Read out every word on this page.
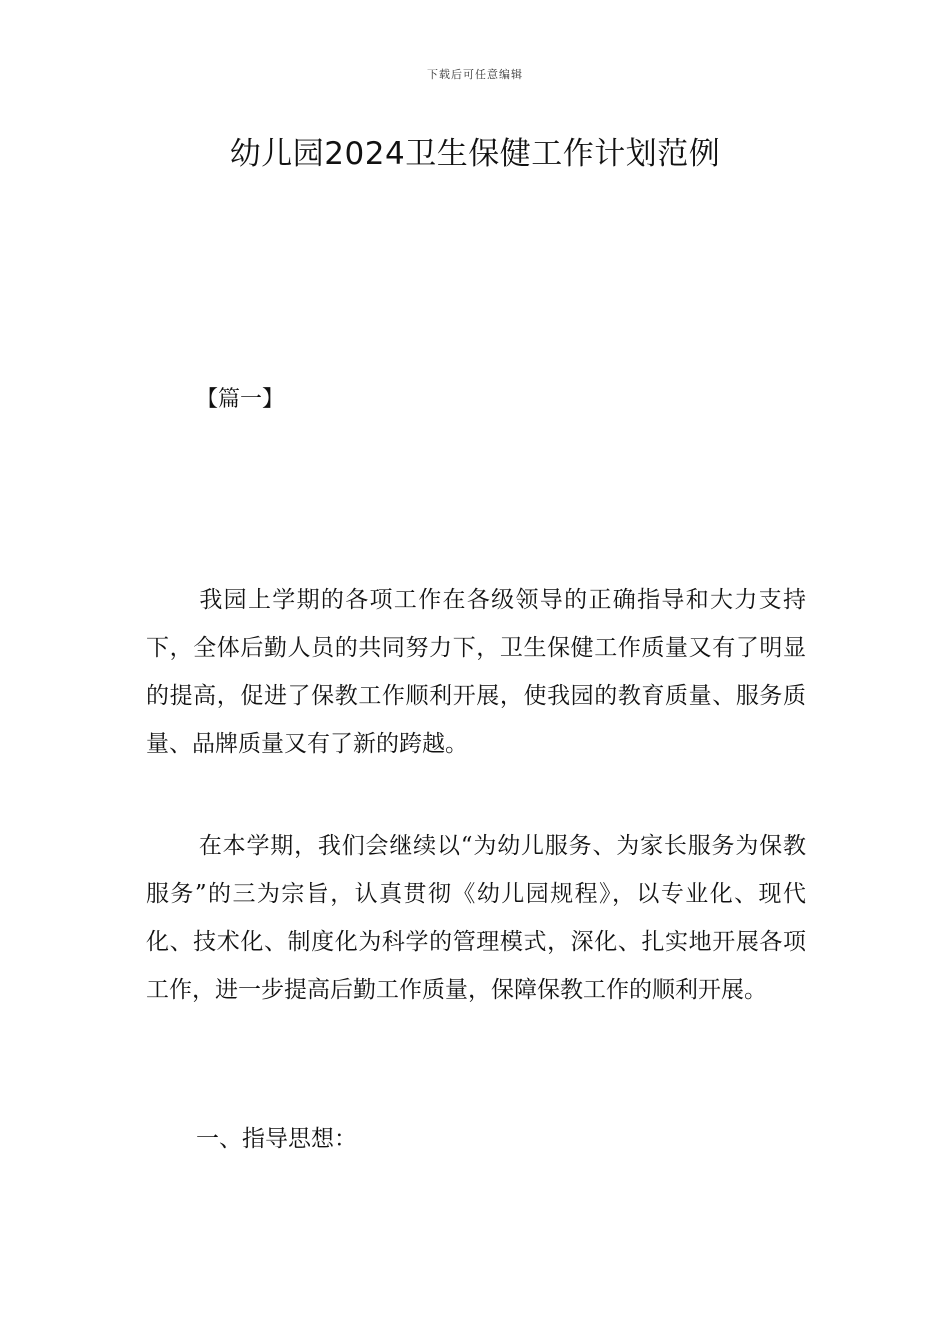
下载后可任意编辑
幼儿园2024卫生保健工作计划范例
【篇一】

我园上学期的各项工作在各级领导的正确指导和大力支持下，全体后勤人员的共同努力下，卫生保健工作质量又有了明显的提高，促进了保教工作顺利开展，使我园的教育质量、服务质量、品牌质量又有了新的跨越。

在本学期，我们会继续以“为幼儿服务、为家长服务为保教服务”的三为宗旨，认真贯彻《幼儿园规程》，以专业化、现代化、技术化、制度化为科学的管理模式，深化、扎实地开展各项工作，进一步提高后勤工作质量，保障保教工作的顺利开展。

一、指导思想：
